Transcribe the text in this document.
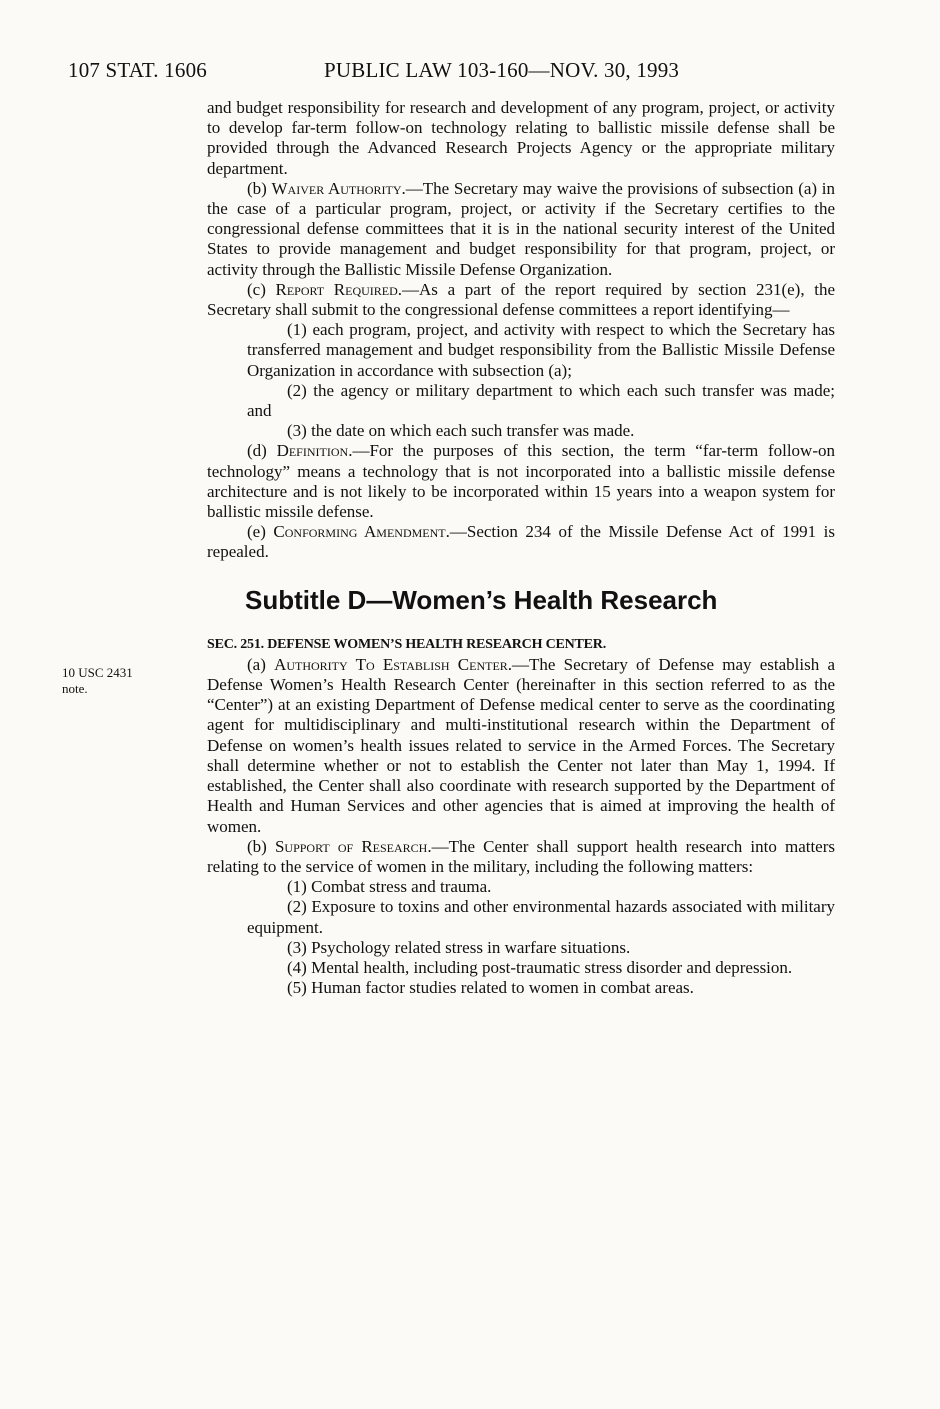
107 STAT. 1606	PUBLIC LAW 103-160—NOV. 30, 1993
10 USC 2431
note.

and budget responsibility for research and development of any program, project, or activity to develop far-term follow-on technology relating to ballistic missile defense shall be provided through the Advanced Research Projects Agency or the appropriate military department.

(b) Waiver Authority.—The Secretary may waive the provisions of subsection (a) in the case of a particular program, project, or activity if the Secretary certifies to the congressional defense committees that it is in the national security interest of the United States to provide management and budget responsibility for that program, project, or activity through the Ballistic Missile Defense Organization.

(c) Report Required.—As a part of the report required by section 231(e), the Secretary shall submit to the congressional defense committees a report identifying—

(1) each program, project, and activity with respect to which the Secretary has transferred management and budget responsibility from the Ballistic Missile Defense Organization in accordance with subsection (a);

(2) the agency or military department to which each such transfer was made; and

(3) the date on which each such transfer was made.

(d) Definition.—For the purposes of this section, the term “far-term follow-on technology” means a technology that is not incorporated into a ballistic missile defense architecture and is not likely to be incorporated within 15 years into a weapon system for ballistic missile defense.

(e) Conforming Amendment.—Section 234 of the Missile Defense Act of 1991 is repealed.

Subtitle D—Women’s Health Research

SEC. 251. DEFENSE WOMEN’S HEALTH RESEARCH CENTER.

(a) Authority To Establish Center.—The Secretary of Defense may establish a Defense Women’s Health Research Center (hereinafter in this section referred to as the “Center”) at an existing Department of Defense medical center to serve as the coordinating agent for multidisciplinary and multi-institutional research within the Department of Defense on women’s health issues related to service in the Armed Forces. The Secretary shall determine whether or not to establish the Center not later than May 1, 1994. If established, the Center shall also coordinate with research supported by the Department of Health and Human Services and other agencies that is aimed at improving the health of women.

(b) Support of Research.—The Center shall support health research into matters relating to the service of women in the military, including the following matters:

(1) Combat stress and trauma.

(2) Exposure to toxins and other environmental hazards associated with military equipment.

(3) Psychology related stress in warfare situations.

(4) Mental health, including post-traumatic stress disorder and depression.

(5) Human factor studies related to women in combat areas.
